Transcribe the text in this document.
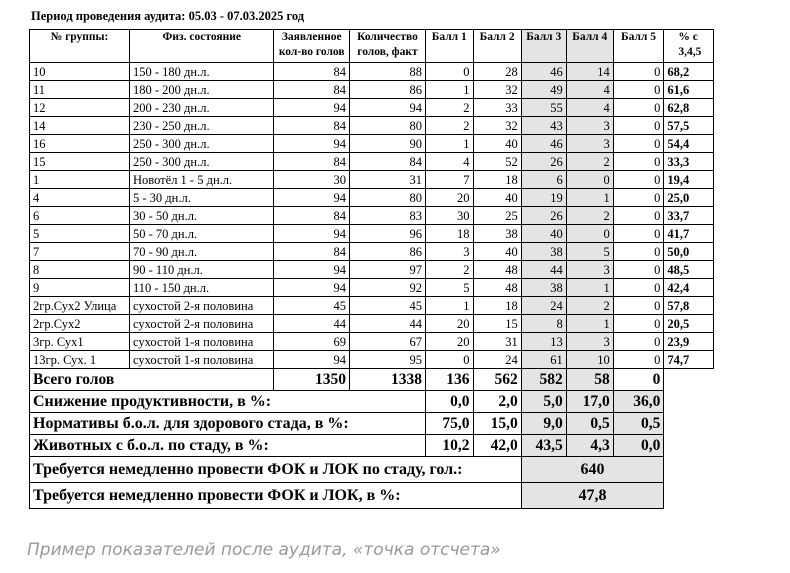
Период проведения аудита: 05.03 - 07.03.2025 год
№ группы:	Физ. состояние	Заявленное кол-во голов	Количество голов, факт	Балл 1	Балл 2	Балл 3	Балл 4	Балл 5	% с 3,4,5
10	150 - 180 дн.л.	84	88	0	28	46	14	0	68,2
11	180 - 200 дн.л.	84	86	1	32	49	4	0	61,6
12	200 - 230 дн.л.	94	94	2	33	55	4	0	62,8
14	230 - 250 дн.л.	84	80	2	32	43	3	0	57,5
16	250 - 300 дн.л.	94	90	1	40	46	3	0	54,4
15	250 - 300 дн.л.	84	84	4	52	26	2	0	33,3
1	Новотёл 1 - 5 дн.л.	30	31	7	18	6	0	0	19,4
4	5 - 30 дн.л.	94	80	20	40	19	1	0	25,0
6	30 - 50 дн.л.	84	83	30	25	26	2	0	33,7
5	50 - 70 дн.л.	94	96	18	38	40	0	0	41,7
7	70 - 90 дн.л.	84	86	3	40	38	5	0	50,0
8	90 - 110 дн.л.	94	97	2	48	44	3	0	48,5
9	110 - 150 дн.л.	94	92	5	48	38	1	0	42,4
2гр.Сух2 Улица	сухостой 2-я половина	45	45	1	18	24	2	0	57,8
2гр.Сух2	сухостой 2-я половина	44	44	20	15	8	1	0	20,5
3гр. Сух1	сухостой 1-я половина	69	67	20	31	13	3	0	23,9
13гр. Сух. 1	сухостой 1-я половина	94	95	0	24	61	10	0	74,7
Всего голов		1350	1338	136	562	582	58	0	
Снижение продуктивности, в %:				0,0	2,0	5,0	17,0	36,0	
Нормативы б.о.л. для здорового стада, в %:				75,0	15,0	9,0	0,5	0,5	
Животных с б.о.л. по стаду, в %:				10,2	42,0	43,5	4,3	0,0	
Требуется немедленно провести ФОК и ЛОК по стаду, гол.:						640			
Требуется немедленно провести ФОК и ЛОК, в %:						47,8			
Пример показателей после аудита, «точка отсчета»
